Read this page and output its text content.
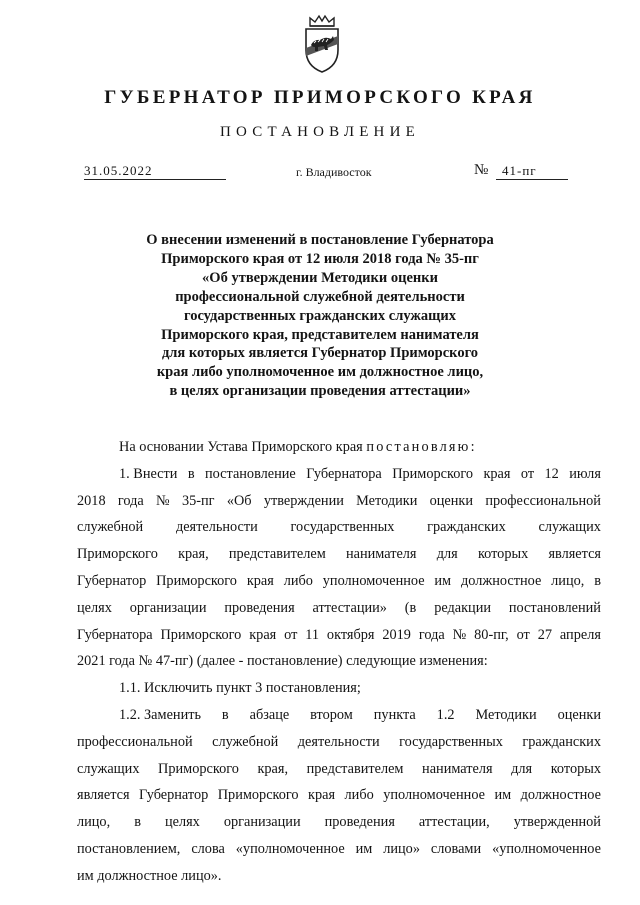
ГУБЕРНАТОР ПРИМОРСКОГО КРАЯ
ПОСТАНОВЛЕНИЕ
31.05.2022	г. Владивосток	№	41-пг
О внесении изменений в постановление Губернатора
Приморского края от 12 июля 2018 года № 35-пг
«Об утверждении Методики оценки
профессиональной служебной деятельности
государственных гражданских служащих
Приморского края, представителем нанимателя
для которых является Губернатор Приморского
края либо уполномоченное им должностное лицо,
в целях организации проведения аттестации»
На основании Устава Приморского края постановляю:
1. Внести в постановление Губернатора Приморского края от 12 июля
2018 года № 35-пг «Об утверждении Методики оценки профессиональной
служебной деятельности государственных гражданских служащих
Приморского края, представителем нанимателя для которых является
Губернатор Приморского края либо уполномоченное им должностное лицо, в
целях организации проведения аттестации» (в редакции постановлений
Губернатора Приморского края от 11 октября 2019 года № 80-пг, от 27 апреля
2021 года № 47-пг) (далее - постановление) следующие изменения:
1.1. Исключить пункт 3 постановления;
1.2. Заменить в абзаце втором пункта 1.2 Методики оценки
профессиональной служебной деятельности государственных гражданских
служащих Приморского края, представителем нанимателя для которых
является Губернатор Приморского края либо уполномоченное им должностное
лицо, в целях организации проведения аттестации, утвержденной
постановлением, слова «уполномоченное им лицо» словами «уполномоченное
им должностное лицо».
